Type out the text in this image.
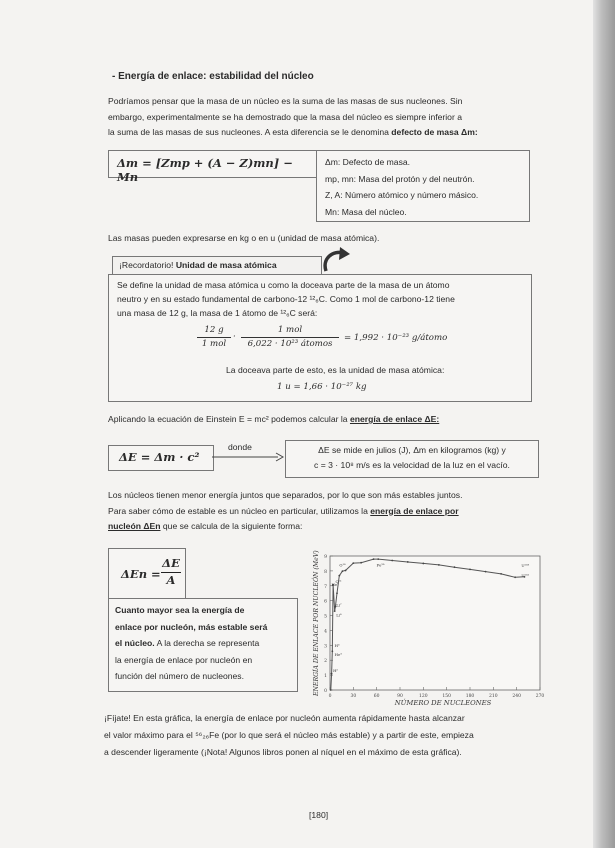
- Energía de enlace: estabilidad del núcleo
Podríamos pensar que la masa de un núcleo es la suma de las masas de sus nucleones. Sin
embargo, experimentalmente se ha demostrado que la masa del núcleo es siempre inferior a
la suma de las masas de sus nucleones. A esta diferencia se le denomina defecto de masa Δm:
Δm = [Zmp + (A − Z)mn] − Mn
Δm: Defecto de masa.
mp, mn: Masa del protón y del neutrón.
Z, A: Número atómico y número másico.
Mn: Masa del núcleo.
Las masas pueden expresarse en kg o en u (unidad de masa atómica).
¡Recordatorio! Unidad de masa atómica
Se define la unidad de masa atómica u como la doceava parte de la masa de un átomo
neutro y en su estado fundamental de carbono-12 ¹²₆C. Como 1 mol de carbono-12 tiene
una masa de 12 g, la masa de 1 átomo de ¹²₆C será:
12 g
1 mol
·
1 mol
6,022 · 10²³ átomos
= 1,992 · 10⁻²³ g/átomo
La doceava parte de esto, es la unidad de masa atómica:
1 u = 1,66 · 10⁻²⁷ kg
Aplicando la ecuación de Einstein E = mc² podemos calcular la energía de enlace ΔE:
ΔE = Δm · c²
donde	ΔE se mide en julios (J), Δm en kilogramos (kg) y
c = 3 · 10⁸ m/s es la velocidad de la luz en el vacío.
Los núcleos tienen menor energía juntos que separados, por lo que son más estables juntos.
Para saber cómo de estable es un núcleo en particular, utilizamos la energía de enlace por
nucleón ΔEn que se calcula de la siguiente forma:
$\Delta En = \frac{\Delta E}{A}$
Cuanto mayor sea la energía de
enlace por nucleón, más estable será
el núcleo. A la derecha se representa
la energía de enlace por nucleón en
función del número de nucleones.	ENERGÍA DE ENLACE POR NUCLEÓN (MeV)
NÚMERO DE NUCLEONES
0
1
2
3
4
5
6
7
8
9
0	30	60	90	120	150	180	210	240	270
U²³⁸
U²³⁵
Fe⁵⁶
O¹⁶
C¹²
He⁴
Li⁷
Li⁶
H³
He³
H²
¡Fíjate! En esta gráfica, la energía de enlace por nucleón aumenta rápidamente hasta alcanzar
el valor máximo para el ⁵⁶₂₆Fe (por lo que será el núcleo más estable) y a partir de este, empieza
a descender ligeramente (¡Nota! Algunos libros ponen al níquel en el máximo de esta gráfica).
[180]
